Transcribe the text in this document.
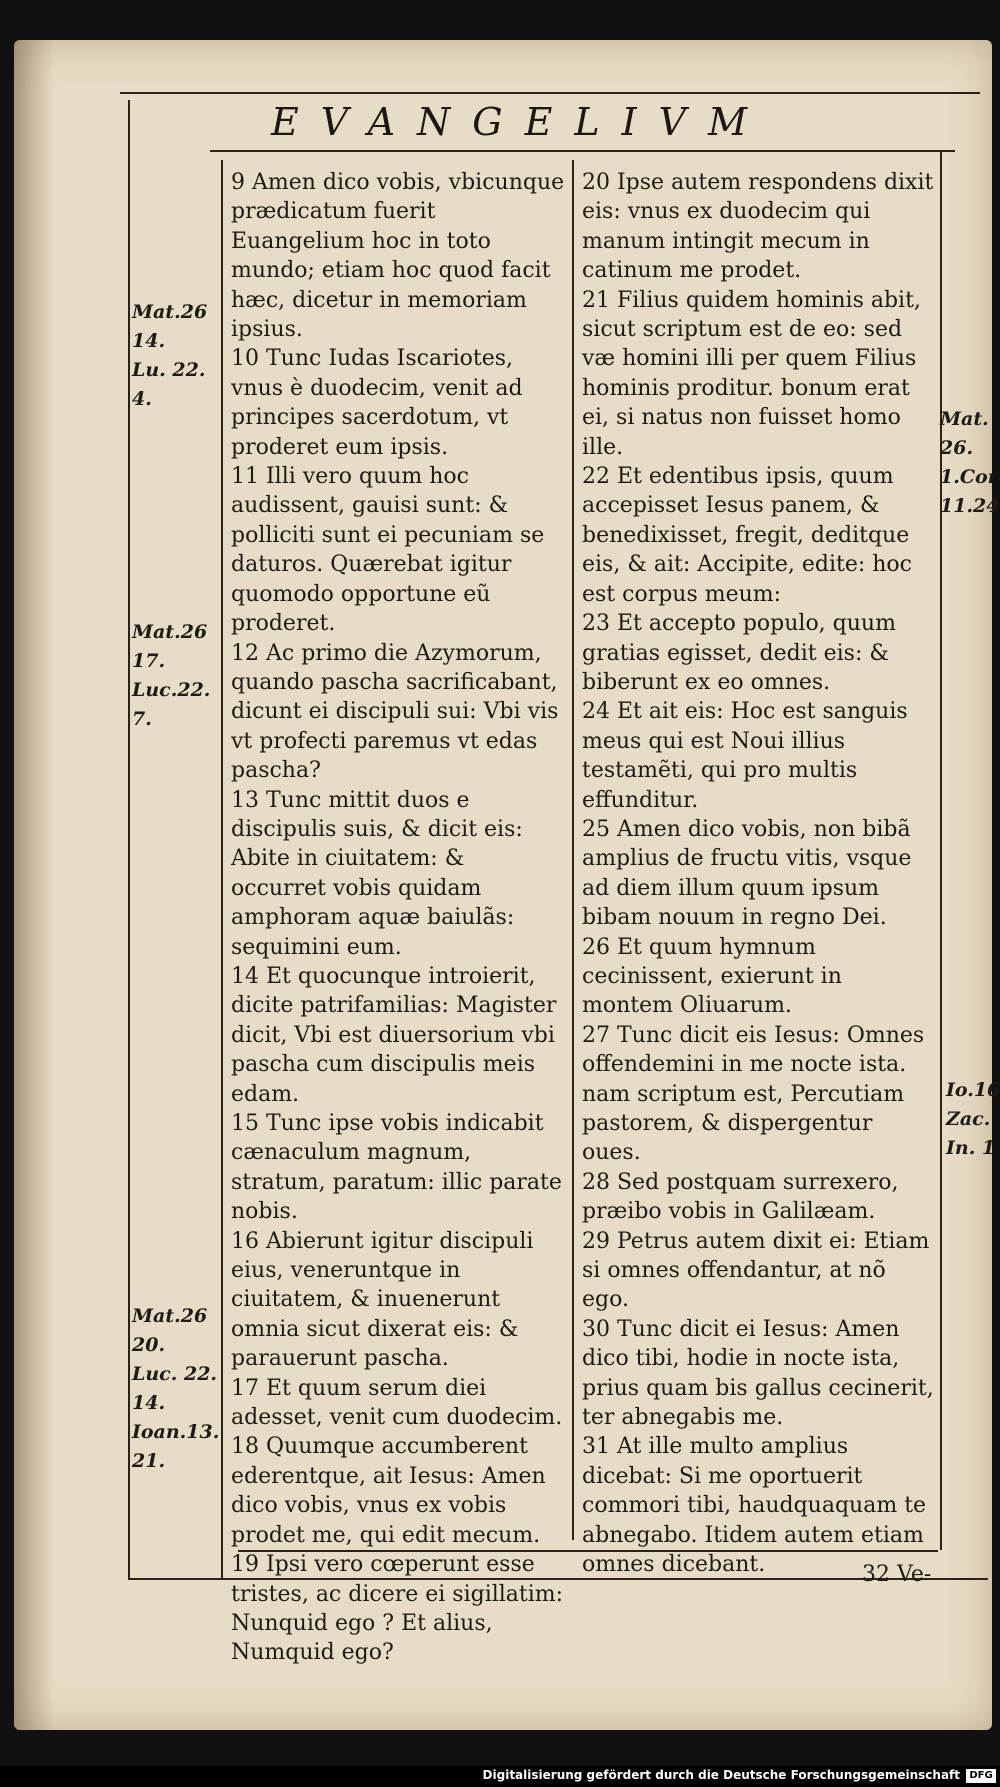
EVANGELIVM

9 Amen dico vobis, vbicunque prædicatum fuerit Euangelium hoc in toto mundo; etiam hoc quod facit hæc, dicetur in memoriam ipsius.

10 Tunc Iudas Iscariotes, vnus è duodecim, venit ad principes sacerdotum, vt proderet eum ipsis.

11 Illi vero quum hoc audissent, gauisi sunt: & polliciti sunt ei pecuniam se daturos. Quærebat igitur quomodo opportune eũ proderet.

12 Ac primo die Azymorum, quando pascha sacrificabant, dicunt ei discipuli sui: Vbi vis vt profecti paremus vt edas pascha?

13 Tunc mittit duos e discipulis suis, & dicit eis: Abite in ciuitatem: & occurret vobis quidam amphoram aquæ baiulãs: sequimini eum.

14 Et quocunque introierit, dicite patrifamilias: Magister dicit, Vbi est diuersorium vbi pascha cum discipulis meis edam.

15 Tunc ipse vobis indicabit cænaculum magnum, stratum, paratum: illic parate nobis.

16 Abierunt igitur discipuli eius, veneruntque in ciuitatem, & inuenerunt omnia sicut dixerat eis: & parauerunt pascha.

17 Et quum serum diei adesset, venit cum duodecim.

18 Quumque accumberent ederentque, ait Iesus: Amen dico vobis, vnus ex vobis prodet me, qui edit mecum.

19 Ipsi vero cœperunt esse tristes, ac dicere ei sigillatim: Nunquid ego ? Et alius, Numquid ego?

20 Ipse autem respondens dixit eis: vnus ex duodecim qui manum intingit mecum in catinum me prodet.

21 Filius quidem hominis abit, sicut scriptum est de eo: sed væ homini illi per quem Filius hominis proditur. bonum erat ei, si natus non fuisset homo ille.

22 Et edentibus ipsis, quum accepisset Iesus panem, & benedixisset, fregit, deditque eis, & ait: Accipite, edite: hoc est corpus meum:

23 Et accepto populo, quum gratias egisset, dedit eis: & biberunt ex eo omnes.

24 Et ait eis: Hoc est sanguis meus qui est Noui illius testamẽti, qui pro multis effunditur.

25 Amen dico vobis, non bibã amplius de fructu vitis, vsque ad diem illum quum ipsum bibam nouum in regno Dei.

26 Et quum hymnum cecinissent, exierunt in montem Oliuarum.

27 Tunc dicit eis Iesus: Omnes offendemini in me nocte ista. nam scriptum est, Percutiam pastorem, & dispergentur oues.

28 Sed postquam surrexero, præibo vobis in Galilæam.

29 Petrus autem dixit ei: Etiam si omnes offendantur, at nõ ego.

30 Tunc dicit ei Iesus: Amen dico tibi, hodie in nocte ista, prius quam bis gallus cecinerit, ter abnegabis me.

31 At ille multo amplius dicebat: Si me oportuerit commori tibi, haudquaquam te abnegabo. Itidem autem etiam omnes dicebant.

Mat.26
14.
Lu. 22.
4.
Mat.26
17.
Luc.22.
7.
Mat.26
20.
Luc. 22.
14.
Ioan.13.
21.
Mat.
26.
1.Cor
11.24
Io.16
Zac.
In. 1
32 Ve-
Digitalisierung gefördert durch die Deutsche Forschungsgemeinschaft DFG
